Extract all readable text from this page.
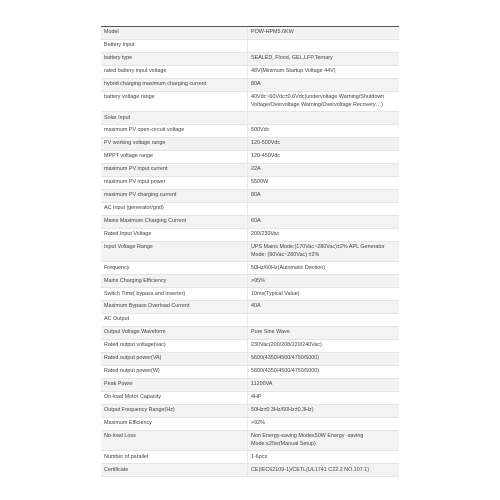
Model	POW-HPM5.6KW
Battery Input
battery type	SEALED, Flood, GEL,LFP,Ternary
rated battery input voltage	48V(Minimum Startup Voltage 44V)
hybrid charging maximum charging current	80A
battery voltage range	40Vdc~60Vdc±0.6Vdc(undervoltage Warning/Shutdown Voltage/Overvoltage Warning/Overvoltage Recovery…)
Solar Input
maximum PV open-circuit voltage	500Vdc
PV working voltage range	120-500Vdc
MPPT voltage range	120-450Vdc
maximum PV input current	22A
maximum PV input power	5500W
maximum PV charging current	80A
AC Input (generator/grid)
Mains Maximum Charging Current	60A
Rated Input Voltage	200/230Vac
Input Voltage Range	UPS Mains Mode:(170Vac~280Vac)±2% APL Generator Mode: (90Vac~280Vac) ±2%
Frequency	50Hz/60Hz(Automatic Dection)
Mains Charging Efficiency	>95%
Switch Time( bypass and inverter)	10ms(Typical Value)
Maximum Bypass Overload Current	40A
AC Output
Output Voltage Waveform	Pure Sine Wave
Rated output voltage(vac)	230Vac(200/208/220/240Vac)
Rated output power(VA)	5600(4350/4500/4750/5000)
Rated output power(W)	5600(4350/4500/4750/5000)
Peak Power	11200VA
On-load Motor Capacity	4HP
Output Frequency Range(Hz)	50Hz±0.3Hz/60Hz±0.3Hz)
Maximum Efficiency	>92%
No-load Loss	Non Energy-saving Mode≤50W Energy -saving Mode:≤25w(Manual Setup)
Number of parallel	1-6pcs
Certificate	CE(IEC62109-1)/CETL(UL1741 C22.2 NO.107.1)
